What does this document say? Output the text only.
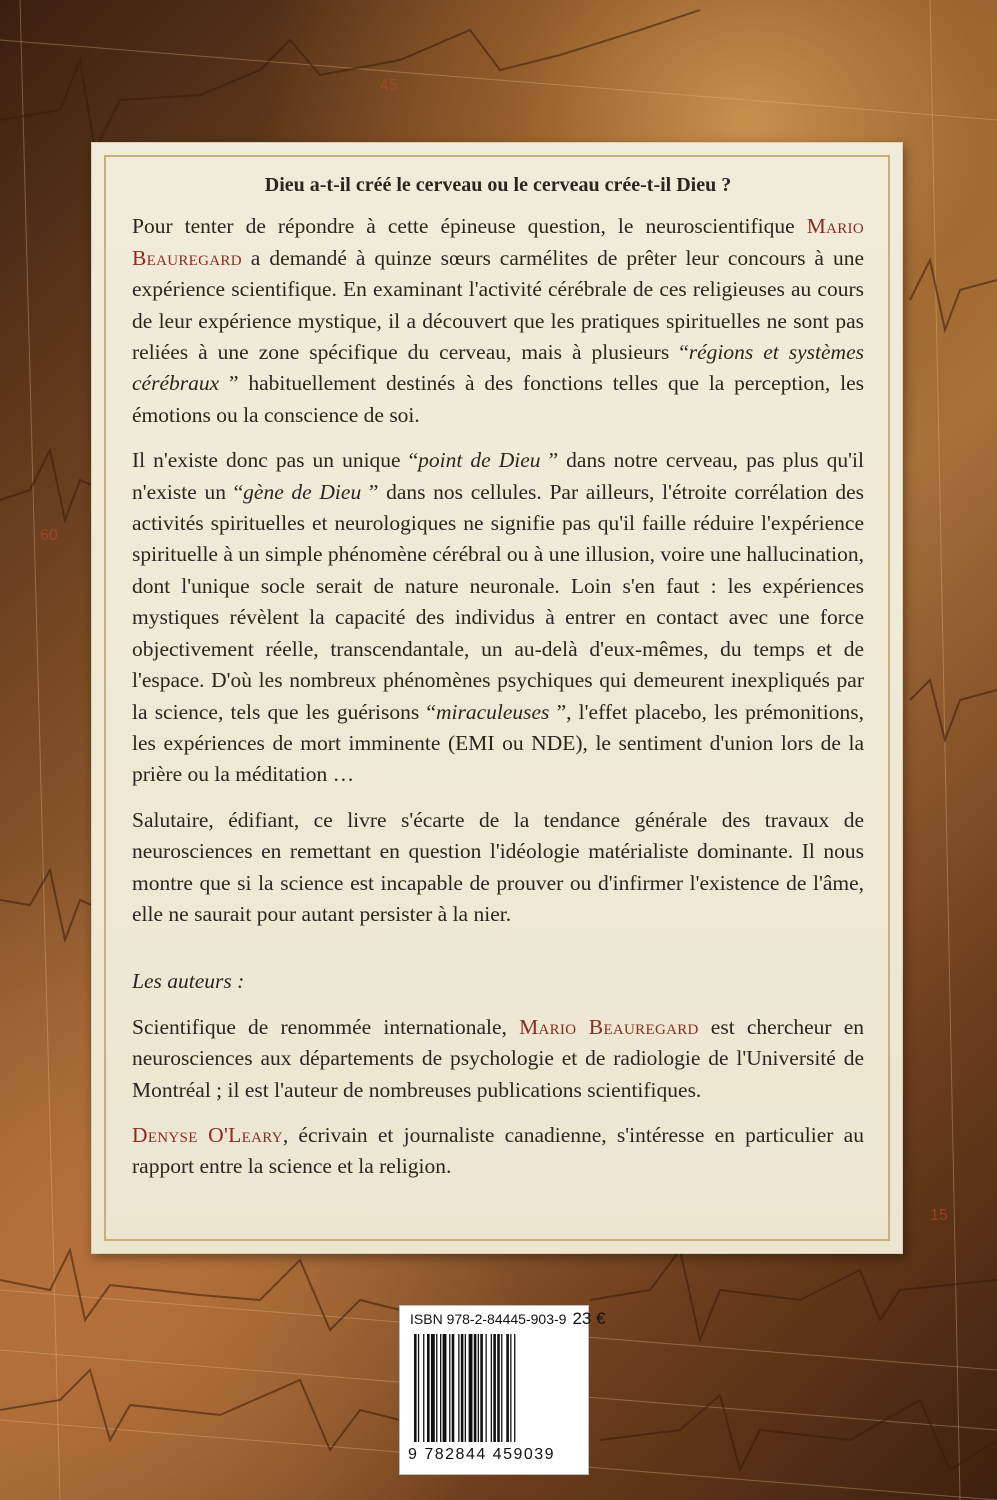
45
60
15
Dieu a-t-il créé le cerveau ou le cerveau crée-t-il Dieu ?

Pour tenter de répondre à cette épineuse question, le neuroscientifique Mario Beauregard a demandé à quinze sœurs carmélites de prêter leur concours à une expérience scientifique. En examinant l'activité cérébrale de ces religieuses au cours de leur expérience mystique, il a découvert que les pratiques spirituelles ne sont pas reliées à une zone spécifique du cerveau, mais à plusieurs “régions et systèmes cérébraux ” habituellement destinés à des fonctions telles que la perception, les émotions ou la conscience de soi.

Il n'existe donc pas un unique “point de Dieu ” dans notre cerveau, pas plus qu'il n'existe un “gène de Dieu ” dans nos cellules. Par ailleurs, l'étroite corrélation des activités spirituelles et neurologiques ne signifie pas qu'il faille réduire l'expérience spirituelle à un simple phénomène cérébral ou à une illusion, voire une hallucination, dont l'unique socle serait de nature neuronale. Loin s'en faut : les expériences mystiques révèlent la capacité des individus à entrer en contact avec une force objectivement réelle, transcendantale, un au-delà d'eux-mêmes, du temps et de l'espace. D'où les nombreux phénomènes psychiques qui demeurent inexpliqués par la science, tels que les guérisons “miraculeuses ”, l'effet placebo, les prémonitions, les expériences de mort imminente (EMI ou NDE), le sentiment d'union lors de la prière ou la méditation …

Salutaire, édifiant, ce livre s'écarte de la tendance générale des travaux de neurosciences en remettant en question l'idéologie matérialiste dominante. Il nous montre que si la science est incapable de prouver ou d'infirmer l'existence de l'âme, elle ne saurait pour autant persister à la nier.

Les auteurs :

Scientifique de renommée internationale, Mario Beauregard est chercheur en neurosciences aux départements de psychologie et de radiologie de l'Université de Montréal ; il est l'auteur de nombreuses publications scientifiques.

Denyse O'Leary, écrivain et journaliste canadienne, s'intéresse en particulier au rapport entre la science et la religion.

ISBN 978-2-84445-903-9 23 €
9 782844 459039
